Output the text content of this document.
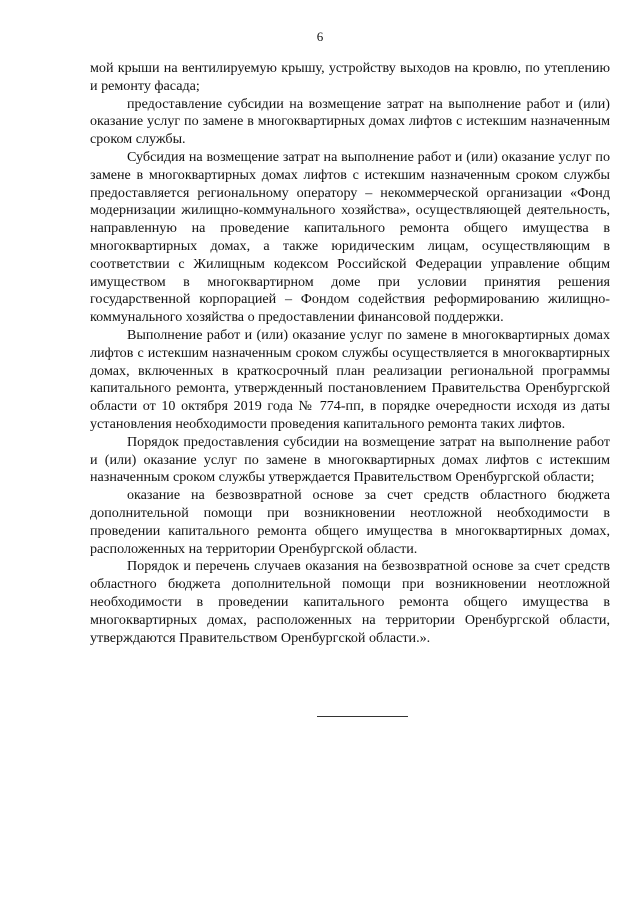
6

мой крыши на вентилируемую крышу, устройству выходов на кровлю, по утеплению и ремонту фасада;

предоставление субсидии на возмещение затрат на выполнение работ и (или) оказание услуг по замене в многоквартирных домах лифтов с истекшим назначенным сроком службы.

Субсидия на возмещение затрат на выполнение работ и (или) оказание услуг по замене в многоквартирных домах лифтов с истекшим назначенным сроком службы предоставляется региональному оператору – некоммерческой организации «Фонд модернизации жилищно-коммунального хозяйства», осуществляющей деятельность, направленную на проведение капитального ремонта общего имущества в многоквартирных домах, а также юридическим лицам, осуществляющим в соответствии с Жилищным кодексом Российской Федерации управление общим имуществом в многоквартирном доме при условии принятия решения государственной корпорацией – Фондом содействия реформированию жилищно-коммунального хозяйства о предоставлении финансовой поддержки.

Выполнение работ и (или) оказание услуг по замене в многоквартирных домах лифтов с истекшим назначенным сроком службы осуществляется в многоквартирных домах, включенных в краткосрочный план реализации региональной программы капитального ремонта, утвержденный постановлением Правительства Оренбургской области от 10 октября 2019 года № 774-пп, в порядке очередности исходя из даты установления необходимости проведения капитального ремонта таких лифтов.

Порядок предоставления субсидии на возмещение затрат на выполнение работ и (или) оказание услуг по замене в многоквартирных домах лифтов с истекшим назначенным сроком службы утверждается Правительством Оренбургской области;

оказание на безвозвратной основе за счет средств областного бюджета дополнительной помощи при возникновении неотложной необходимости в проведении капитального ремонта общего имущества в многоквартирных домах, расположенных на территории Оренбургской области.

Порядок и перечень случаев оказания на безвозвратной основе за счет средств областного бюджета дополнительной помощи при возникновении неотложной необходимости в проведении капитального ремонта общего имущества в многоквартирных домах, расположенных на территории Оренбургской области, утверждаются Правительством Оренбургской области.».
